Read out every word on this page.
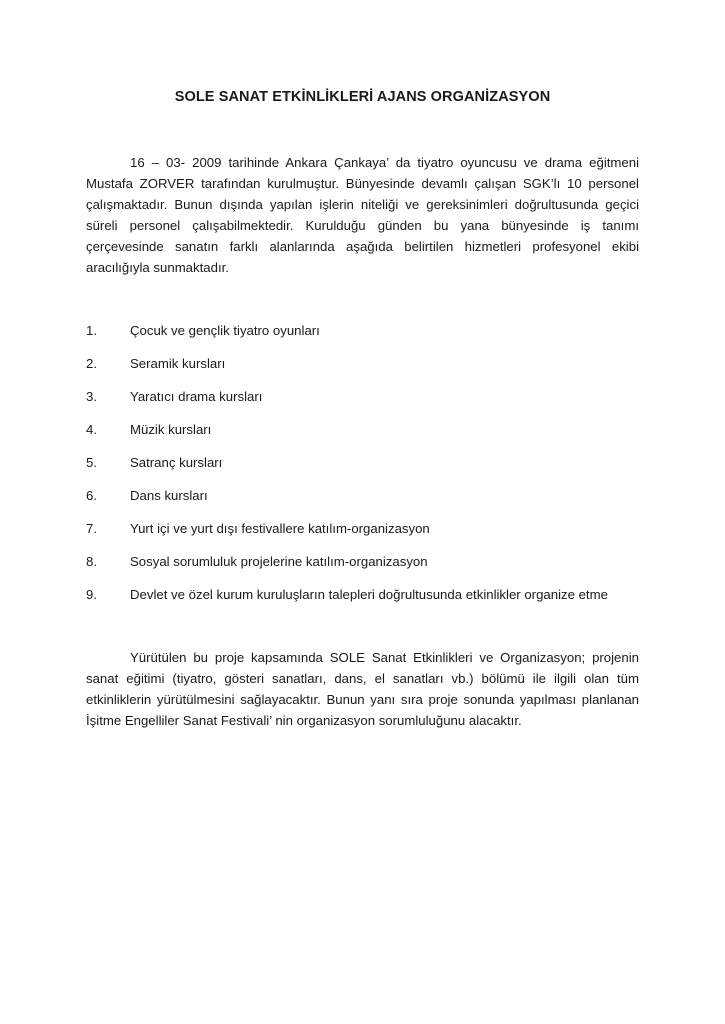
SOLE SANAT ETKİNLİKLERİ AJANS ORGANİZASYON

16 – 03- 2009 tarihinde Ankara Çankaya’ da tiyatro oyuncusu ve drama eğitmeni Mustafa ZORVER tarafından kurulmuştur. Bünyesinde devamlı çalışan SGK’lı 10 personel çalışmaktadır. Bunun dışında yapılan işlerin niteliği ve gereksinimleri doğrultusunda geçici süreli personel çalışabilmektedir. Kurulduğu günden bu yana bünyesinde iş tanımı çerçevesinde sanatın farklı alanlarında aşağıda belirtilen hizmetleri profesyonel ekibi aracılığıyla sunmaktadır.

1.	Çocuk ve gençlik tiyatro oyunları
2.	Seramik kursları
3.	Yaratıcı drama kursları
4.	Müzik kursları
5.	Satranç kursları
6.	Dans kursları
7.	Yurt içi ve yurt dışı festivallere katılım-organizasyon
8.	Sosyal sorumluluk projelerine katılım-organizasyon
9.	Devlet ve özel kurum kuruluşların talepleri doğrultusunda etkinlikler organize etme

Yürütülen bu proje kapsamında SOLE Sanat Etkinlikleri ve Organizasyon; projenin sanat eğitimi (tiyatro, gösteri sanatları, dans, el sanatları vb.) bölümü ile ilgili olan tüm etkinliklerin yürütülmesini sağlayacaktır. Bunun yanı sıra proje sonunda yapılması planlanan İşitme Engelliler Sanat Festivali’ nin organizasyon sorumluluğunu alacaktır.
